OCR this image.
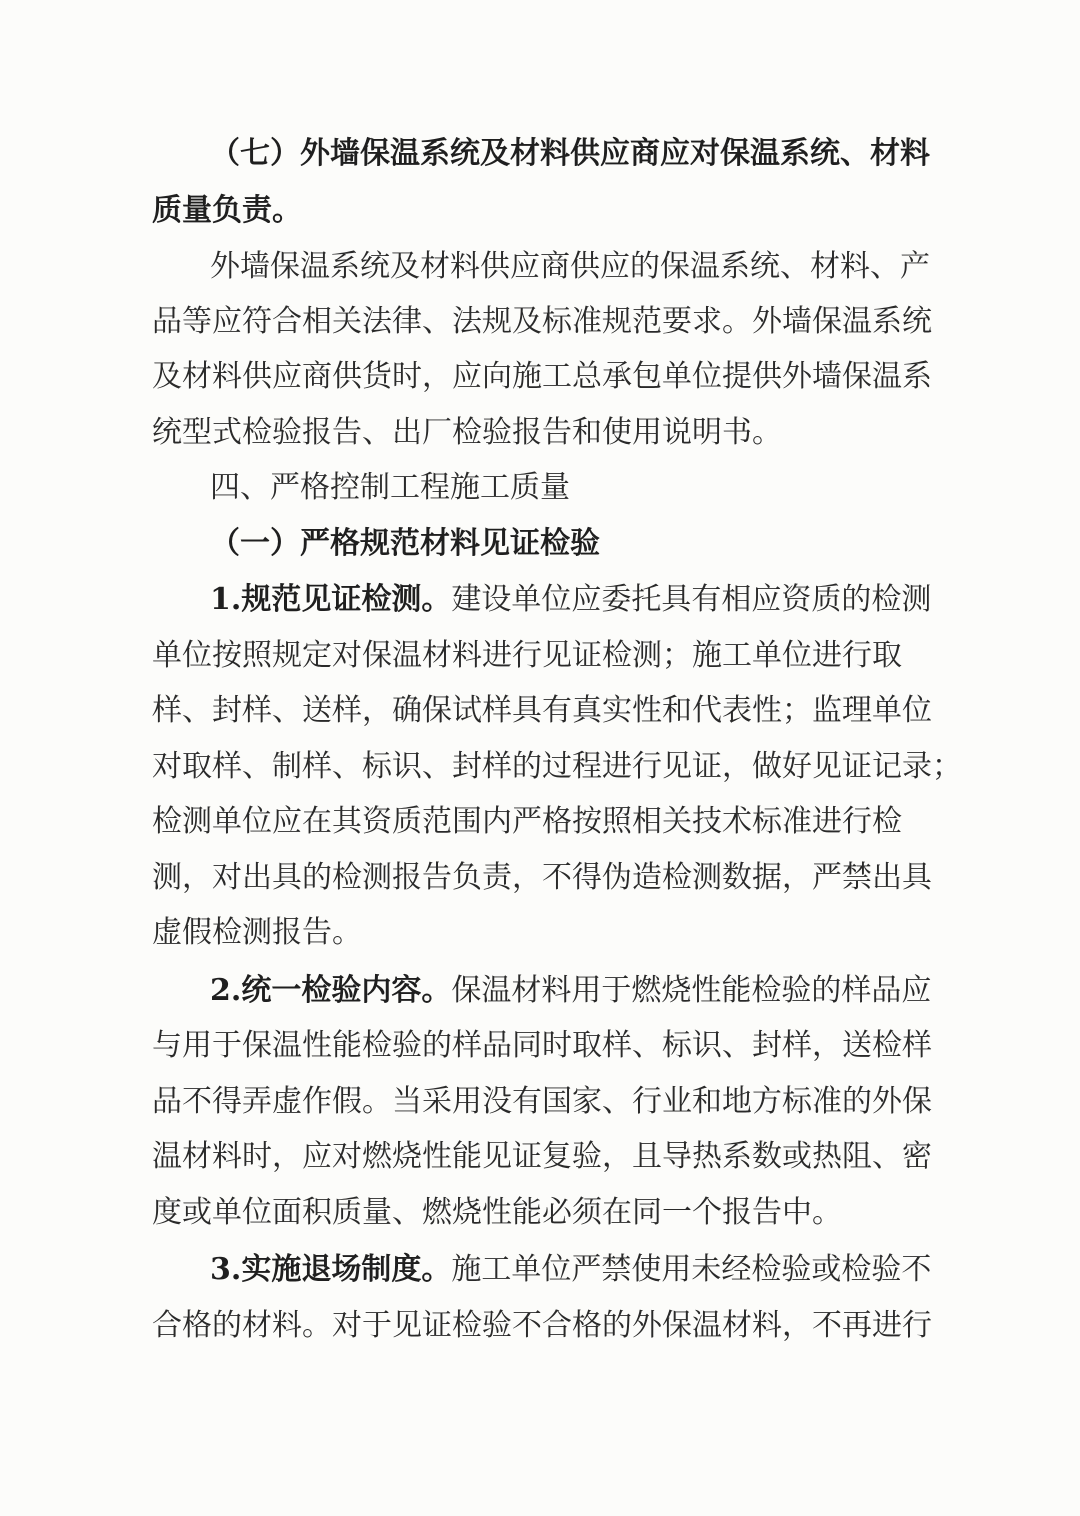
（七）外墙保温系统及材料供应商应对保温系统、材料
质量负责。
外墙保温系统及材料供应商供应的保温系统、材料、产
品等应符合相关法律、法规及标准规范要求。外墙保温系统
及材料供应商供货时，应向施工总承包单位提供外墙保温系
统型式检验报告、出厂检验报告和使用说明书。
四、严格控制工程施工质量
（一）严格规范材料见证检验
1.规范见证检测。建设单位应委托具有相应资质的检测
单位按照规定对保温材料进行见证检测；施工单位进行取
样、封样、送样，确保试样具有真实性和代表性；监理单位
对取样、制样、标识、封样的过程进行见证，做好见证记录；
检测单位应在其资质范围内严格按照相关技术标准进行检
测，对出具的检测报告负责，不得伪造检测数据，严禁出具
虚假检测报告。
2.统一检验内容。保温材料用于燃烧性能检验的样品应
与用于保温性能检验的样品同时取样、标识、封样，送检样
品不得弄虚作假。当采用没有国家、行业和地方标准的外保
温材料时，应对燃烧性能见证复验，且导热系数或热阻、密
度或单位面积质量、燃烧性能必须在同一个报告中。
3.实施退场制度。施工单位严禁使用未经检验或检验不
合格的材料。对于见证检验不合格的外保温材料，不再进行
